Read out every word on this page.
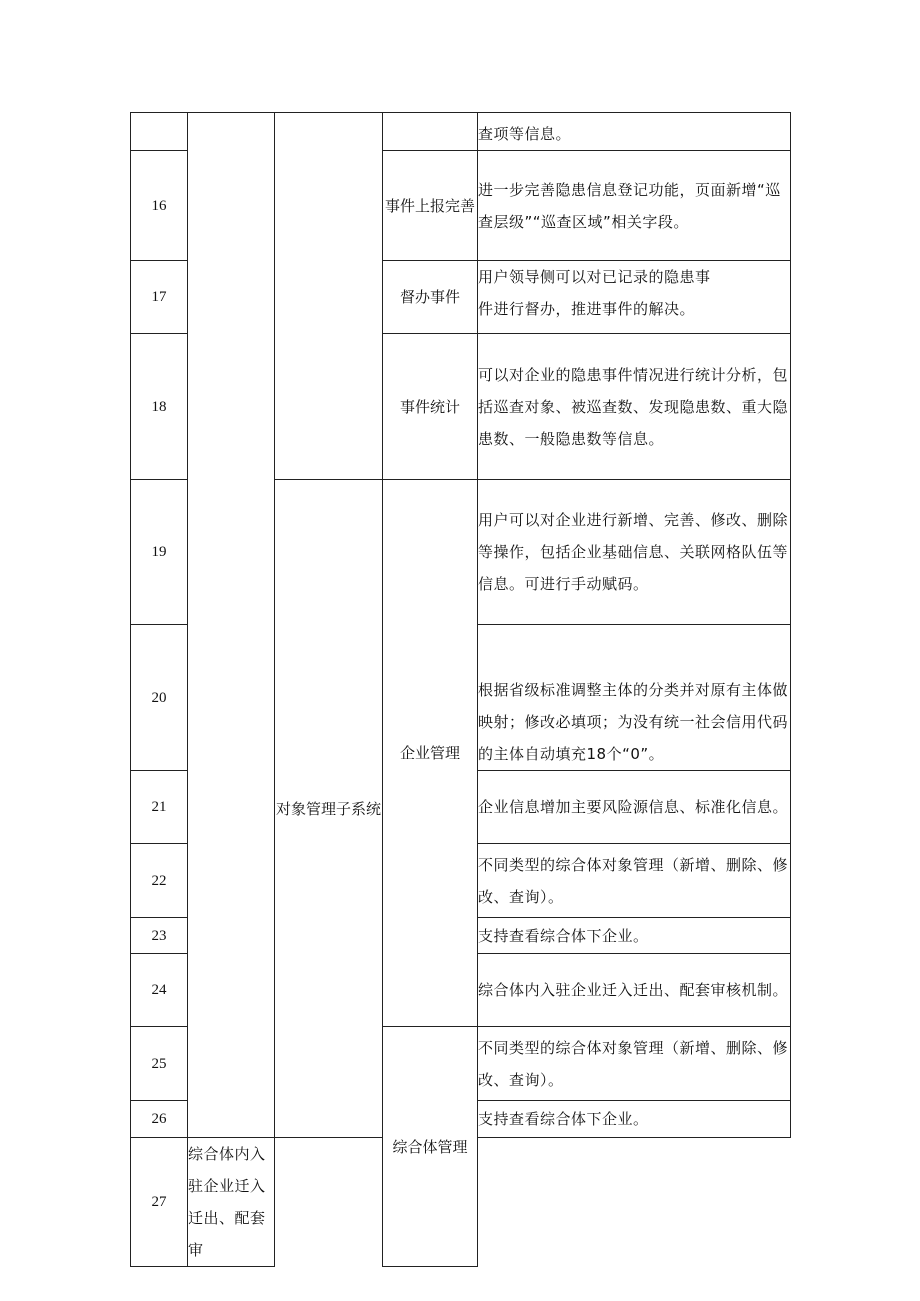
				查项等信息。
16			事件上报完善	进一步完善隐患信息登记功能，页面新增“巡查层级”“巡查区域”相关字段。
17			督办事件	用户领导侧可以对已记录的隐患事
件进行督办，推进事件的解决。

18			事件统计	可以对企业的隐患事件情况进行统计分析，包括巡查对象、被巡查数、发现隐患数、重大隐患数、一般隐患数等信息。
19		对象管理子系统	企业管理	用户可以对企业进行新增、完善、修改、删除等操作，包括企业基础信息、关联网格队伍等信息。可进行手动赋码。
20				根据省级标准调整主体的分类并对原有主体做映射；修改必填项；为没有统一社会信用代码的主体自动填充18个“0”。
21				企业信息增加主要风险源信息、标准化信息。
22				不同类型的综合体对象管理（新增、删除、修改、查询）。
23				支持查看综合体下企业。
24				综合体内入驻企业迁入迁出、配套审核机制。
25			综合体管理	不同类型的综合体对象管理（新增、删除、修改、查询）。
26				支持查看综合体下企业。
27	综合体内入驻企业迁入迁出、配套审			
